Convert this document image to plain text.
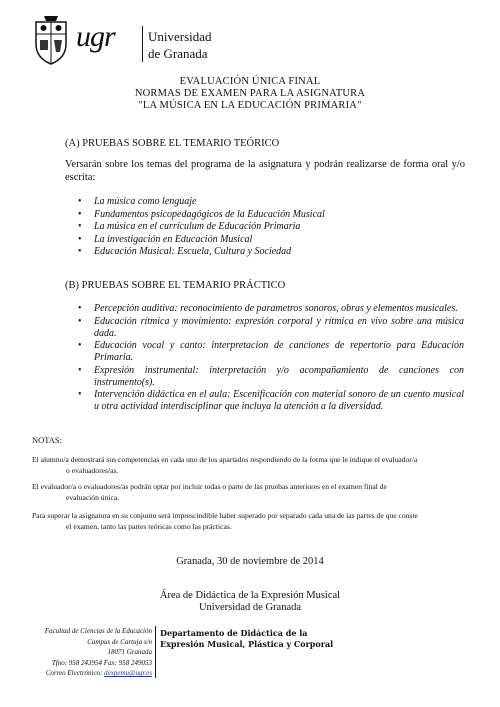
ugr	Universidad
de Granada
EVALUACIÓN ÚNICA FINAL
NORMAS DE EXAMEN PARA LA ASIGNATURA
"LA MÚSICA EN LA EDUCACIÓN PRIMARIA"
(A) PRUEBAS SOBRE EL TEMARIO TEÓRICO
Versarán sobre los temas del programa de la asignatura y podrán realizarse de forma oral y/o escrita:
• La música como lenguaje
• Fundamentos psicopedagógicos de la Educación Musical
• La música en el currículum de Educación Primaria
• La investigación en Educación Musical
• Educación Musical: Escuela, Cultura y Sociedad
(B) PRUEBAS SOBRE EL TEMARIO PRÁCTICO
• Percepción auditiva: reconocimiento de parametros sonoros, obras y elementos musicales.
• Educación rítmica y movimiento: expresión corporal y rítmica en vivo sobre una música dada.
• Educación vocal y canto: interpretacion de canciones de repertorio para Educación Primaria.
• Expresión instrumental: interpretación y/o acompañamiento de canciones con instrumento(s).
• Intervención didáctica en el aula: Escenificación con material sonoro de un cuento musical u otra actividad interdisciplinar que incluya la atención a la diversidad.
NOTAS:
El alumno/a demostrará sus competencias en cada uno de los apartados respondiendo de la forma que le indique el evaluador/a
o evaluadores/as.
El evaluador/a o evaluadores/as podrán optar por incluir todas o parte de las pruebas anteriores en el examen final de
evaluación única.
Para superar la asignatura en su conjunto será imprescindible haber superado por separado cada una de las partes de que conste
el examen, tanto las partes teóricas como las prácticas.
Granada, 30 de noviembre de 2014
Área de Didáctica de la Expresión Musical
Universidad de Granada
Facultad de Ciencias de la Educación
Campus de Cartuja s/n
18071 Granada
Tfno: 958 243954 Fax: 958 249053
Correo Electrónico: dexpemu@ugr.es
Departamento de Didáctica de la
Expresión Musical, Plástica y Corporal
